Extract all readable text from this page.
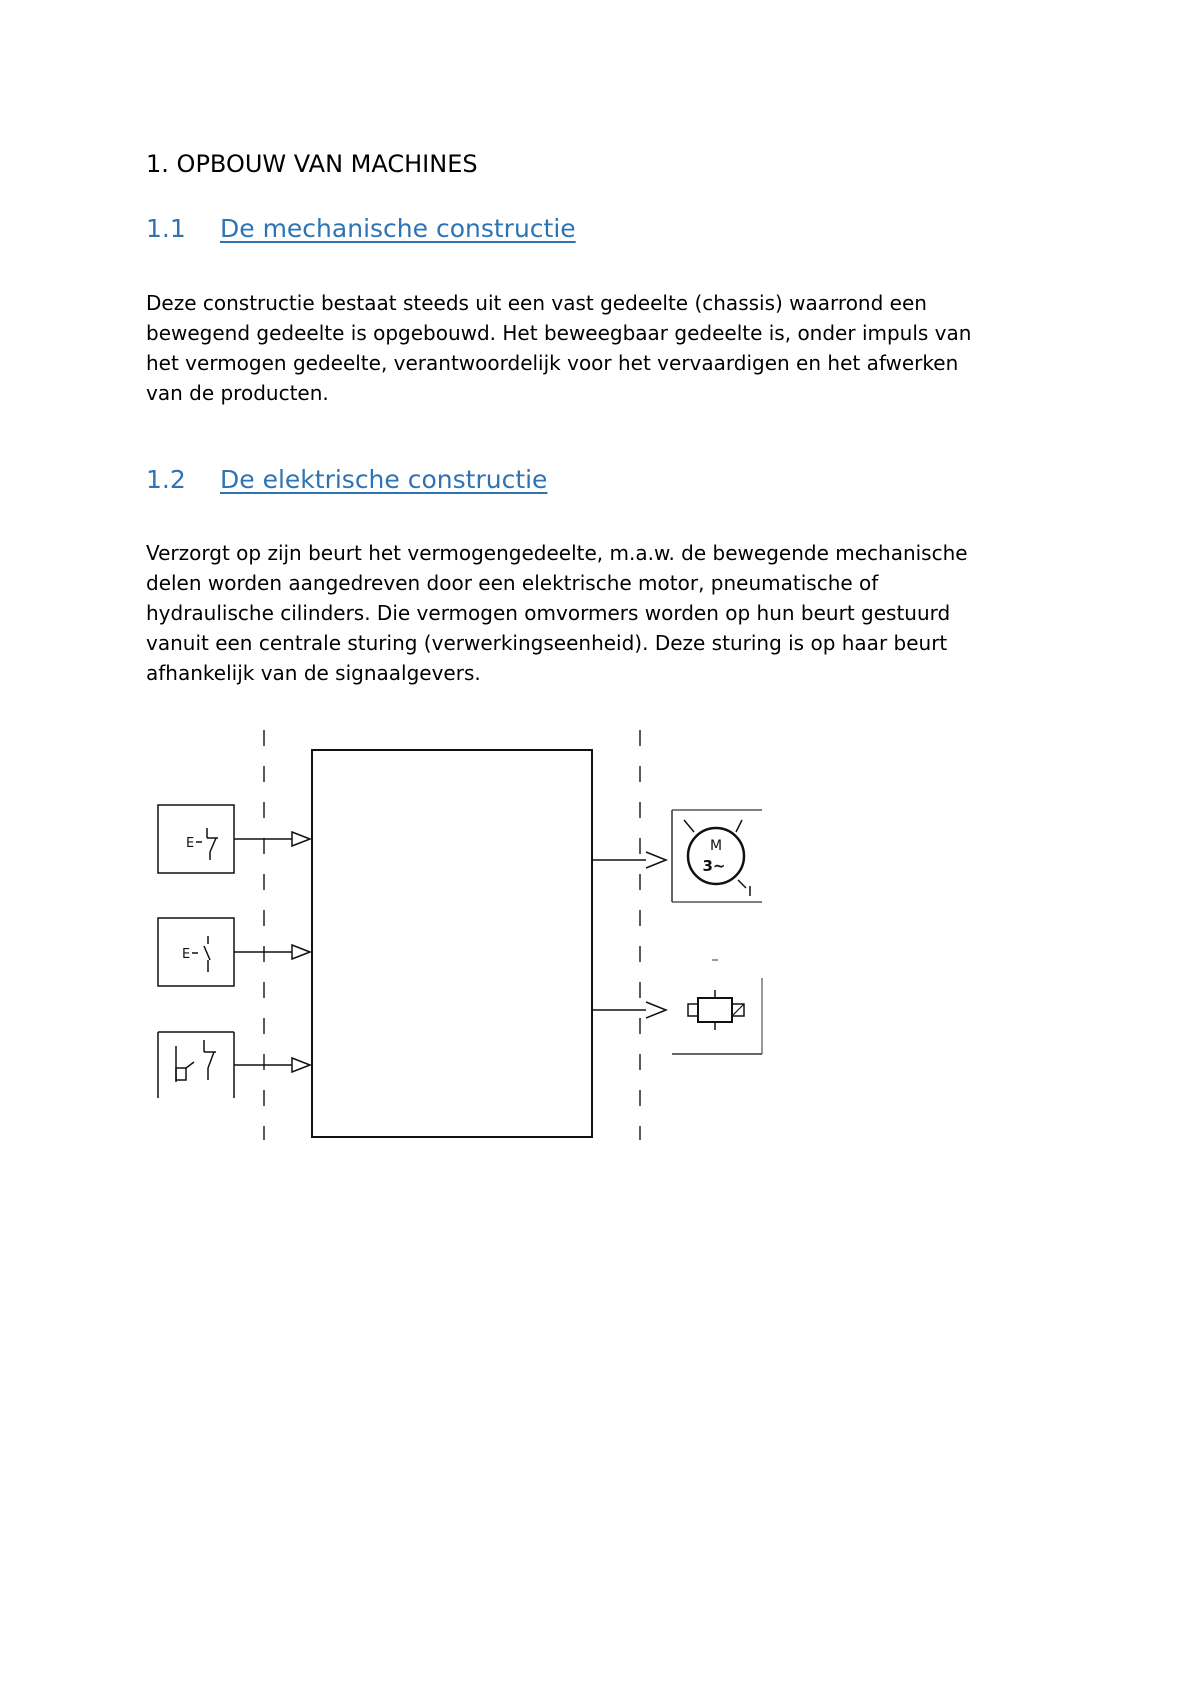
1. OPBOUW VAN MACHINES
1.1 De mechanische constructie
Deze constructie bestaat steeds uit een vast gedeelte (chassis) waarrond een
bewegend gedeelte is opgebouwd. Het beweegbaar gedeelte is, onder impuls van
het vermogen gedeelte, verantwoordelijk voor het vervaardigen en het afwerken
van de producten.
1.2 De elektrische constructie
Verzorgt op zijn beurt het vermogengedeelte, m.a.w. de bewegende mechanische
delen worden aangedreven door een elektrische motor, pneumatische of
hydraulische cilinders. Die vermogen omvormers worden op hun beurt gestuurd
vanuit een centrale sturing (verwerkingseenheid). Deze sturing is op haar beurt
afhankelijk van de signaalgevers.
E
E
M
3~
